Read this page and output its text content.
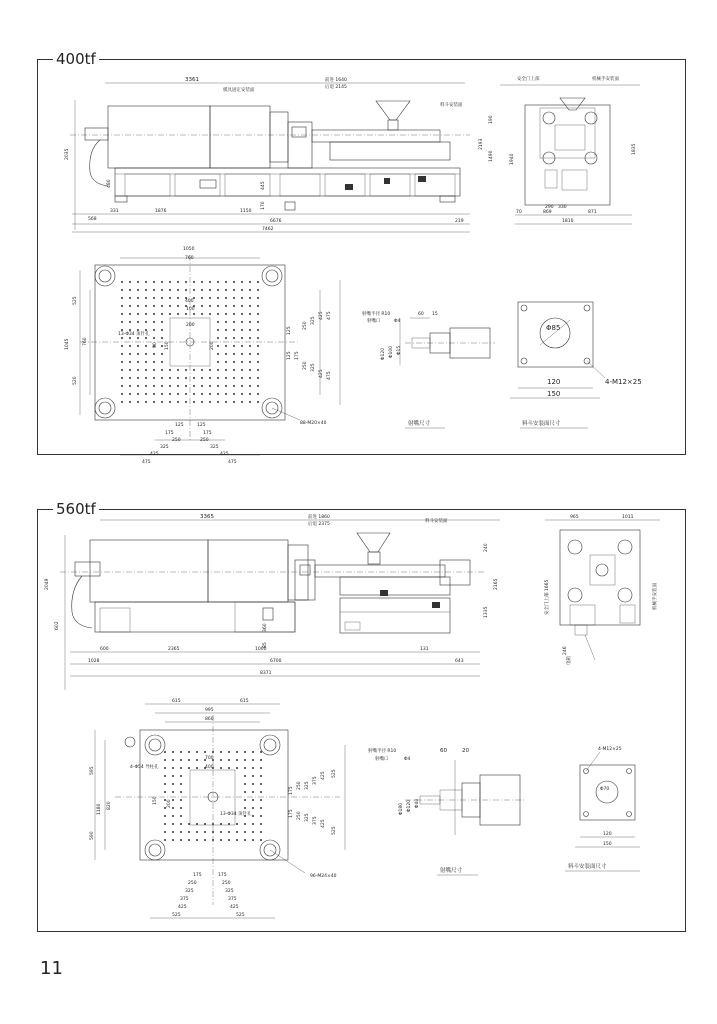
400tf
560tf
11
3361	前进 1640
后退 2145
模具固定安装面
料斗安装面
2035
480	445
170
190
1490
2193
568
331	1876	1150
219
6676
7462
安全门上部	机械手安装面
1940
1835
290 330
70	869	871
1810
1050
760
400
100
200
525
1045	760
520
80 150	200
125
125 175
250
325
425 475
250 325
475
425
125	125
175	175
250	250
325	325
425	425
475	475
88-M20×40
13-Φ34 顶针孔
射嘴半径 R10
射嘴口	Φ4
60 15
Φ120 Φ100 Φ15
射嘴尺寸
Φ85
120
150
4-M12×25
料斗安装面尺寸
3365	前进 1860
后退 2375
料斗安装面
2049
602	360
85
240
1335
2165
600	2365	1000	131
1028	6700	643
8371
965	1011
安全门上部 1665	机械手安装面
246
电箱
615	615
995
860
700
400
595
1180 820
590
150 200
175
250 325
375
425 525
175 250 325 375 425
525
175	175
250	250
325	325
375	375
425	425
525	525
96-M24×40
13-Φ34 顶针孔
4-Φ54 导柱孔
射嘴半径 R10
射嘴口	Φ4
60	20
Φ180 Φ120 Φ40
射嘴尺寸
Φ70
120
150
4-M12×25
料斗安装面尺寸
